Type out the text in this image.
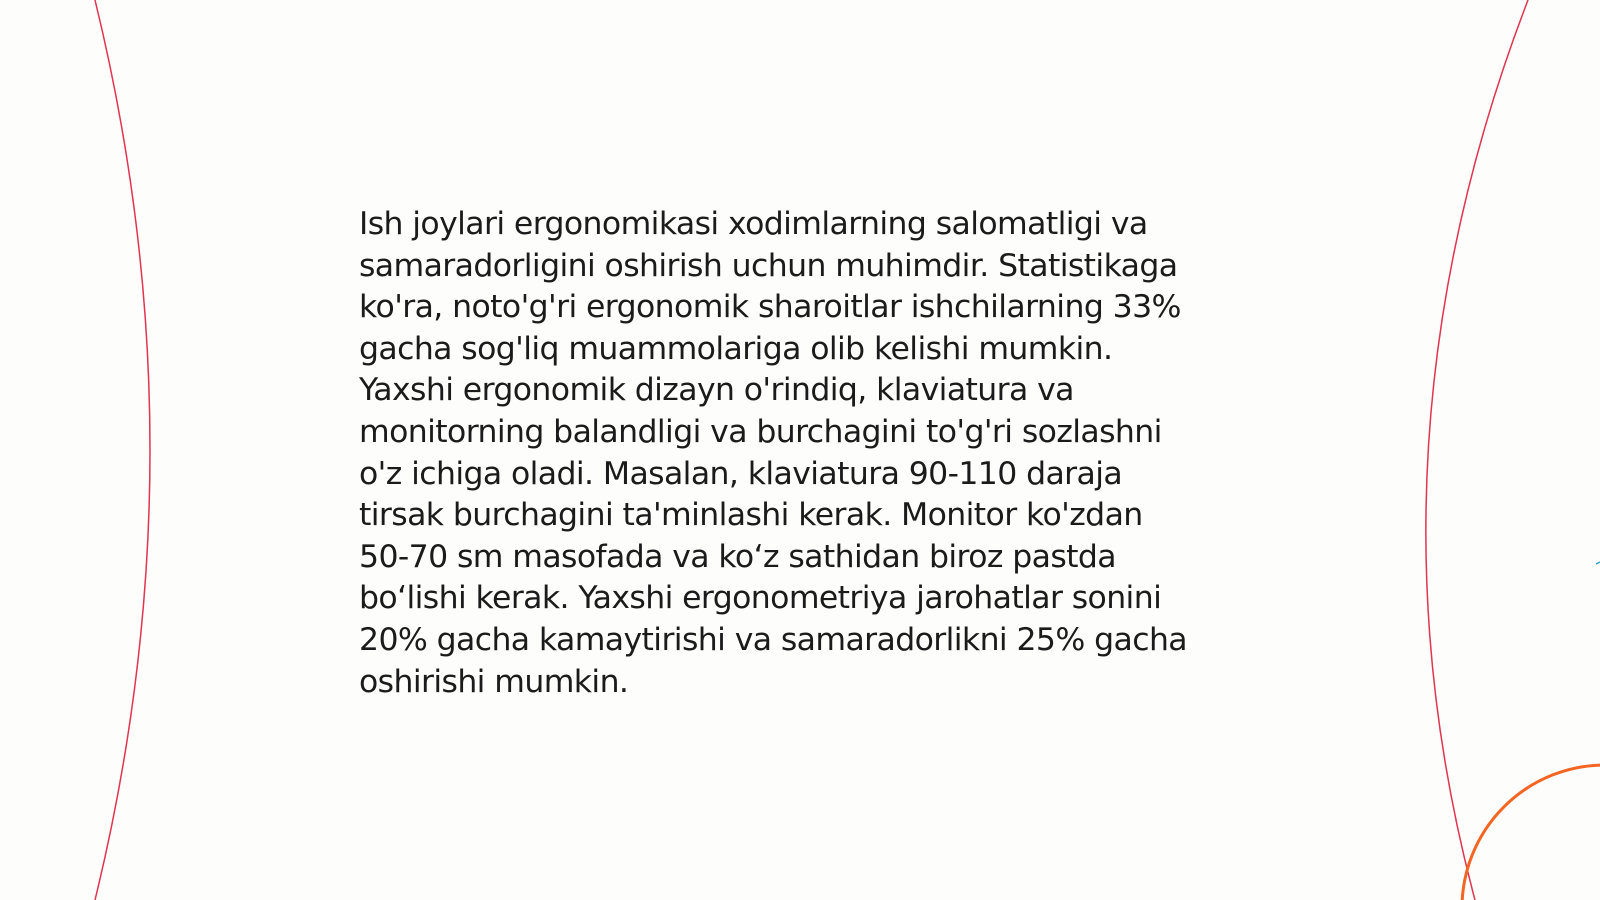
Ish joylari ergonomikasi xodimlarning salomatligi va
samaradorligini oshirish uchun muhimdir. Statistikaga
ko'ra, noto'g'ri ergonomik sharoitlar ishchilarning 33%
gacha sog'liq muammolariga olib kelishi mumkin.
Yaxshi ergonomik dizayn o'rindiq, klaviatura va
monitorning balandligi va burchagini to'g'ri sozlashni
o'z ichiga oladi. Masalan, klaviatura 90-110 daraja
tirsak burchagini ta'minlashi kerak. Monitor ko'zdan
50-70 sm masofada va ko‘z sathidan biroz pastda
bo‘lishi kerak. Yaxshi ergonometriya jarohatlar sonini
20% gacha kamaytirishi va samaradorlikni 25% gacha
oshirishi mumkin.
